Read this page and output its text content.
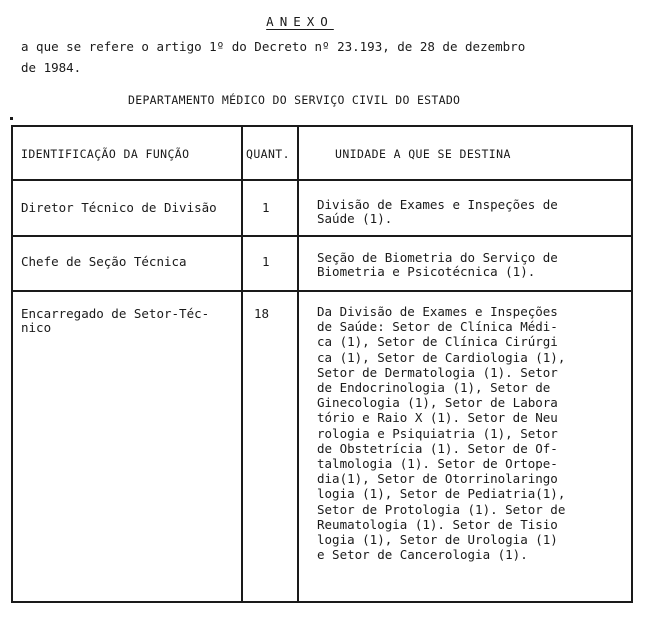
ANEXO
a que se refere o artigo 1º do Decreto nº 23.193, de 28 de dezembro
de 1984.
DEPARTAMENTO MÉDICO DO SERVIÇO CIVIL DO ESTADO
IDENTIFICAÇÃO DA FUNÇÃO	QUANT.	UNIDADE A QUE SE DESTINA
Diretor Técnico de Divisão	1	Divisão de Exames e Inspeções de
Saúde (1).
Chefe de Seção Técnica	1	Seção de Biometria do Serviço de
Biometria e Psicotécnica (1).
Encarregado de Setor-Téc-
nico
18	Da Divisão de Exames e Inspeções
de Saúde: Setor de Clínica Médi-
ca (1), Setor de Clínica Cirúrgi
ca (1), Setor de Cardiologia (1),
Setor de Dermatologia (1). Setor
de Endocrinologia (1), Setor de
Ginecologia (1), Setor de Labora
tório e Raio X (1). Setor de Neu
rologia e Psiquiatria (1), Setor
de Obstetrícia (1). Setor de Of-
talmologia (1). Setor de Ortope-
dia(1), Setor de Otorrinolaringo
logia (1), Setor de Pediatria(1),
Setor de Protologia (1). Setor de
Reumatologia (1). Setor de Tisio
logia (1), Setor de Urologia (1)
e Setor de Cancerologia (1).
